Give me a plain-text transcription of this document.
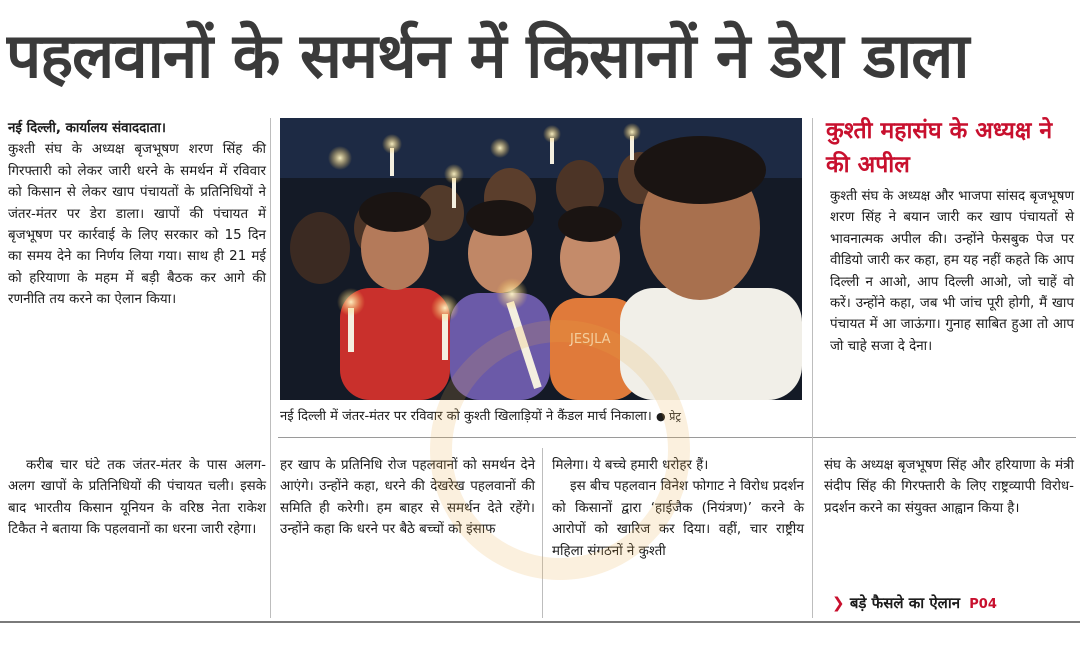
पहलवानों के समर्थन में किसानों ने डेरा डाला

नई दिल्ली, कार्यालय संवाददाता।

कुश्ती संघ के अध्यक्ष बृजभूषण शरण सिंह की गिरफ्तारी को लेकर जारी धरने के समर्थन में रविवार को किसान से लेकर खाप पंचायतों के प्रतिनिधियों ने जंतर-मंतर पर डेरा डाला। खापों की पंचायत में बृजभूषण पर कार्रवाई के लिए सरकार को 15 दिन का समय देने का निर्णय लिया गया। साथ ही 21 मई को हरियाणा के महम में बड़ी बैठक कर आगे की रणनीति तय करने का ऐलान किया।

JESJLA
नई दिल्ली में जंतर-मंतर पर रविवार को कुश्ती खिलाड़ियों ने कैंडल मार्च निकाला। ● प्रेट्र
कुश्ती महासंघ के अध्यक्ष ने की अपील
कुश्ती संघ के अध्यक्ष और भाजपा सांसद बृजभूषण शरण सिंह ने बयान जारी कर खाप पंचायतों से भावनात्मक अपील की। उन्होंने फेसबुक पेज पर वीडियो जारी कर कहा, हम यह नहीं कहते कि आप दिल्ली न आओ, आप दिल्ली आओ, जो चाहें वो करें। उन्होंने कहा, जब भी जांच पूरी होगी, मैं खाप पंचायत में आ जाऊंगा। गुनाह साबित हुआ तो आप जो चाहे सजा दे देना।

करीब चार घंटे तक जंतर-मंतर के पास अलग-अलग खापों के प्रतिनिधियों की पंचायत चली। इसके बाद भारतीय किसान यूनियन के वरिष्ठ नेता राकेश टिकैत ने बताया कि पहलवानों का धरना जारी रहेगा।

हर खाप के प्रतिनिधि रोज पहलवानों को समर्थन देने आएंगे। उन्होंने कहा, धरने की देखरेख पहलवानों की समिति ही करेगी। हम बाहर से समर्थन देते रहेंगे। उन्होंने कहा कि धरने पर बैठे बच्चों को इंसाफ

मिलेगा। ये बच्चे हमारी धरोहर हैं।

इस बीच पहलवान विनेश फोगाट ने विरोध प्रदर्शन को किसानों द्वारा ‘हाईजैक (नियंत्रण)’ करने के आरोपों को खारिज कर दिया। वहीं, चार राष्ट्रीय महिला संगठनों ने कुश्ती

संघ के अध्यक्ष बृजभूषण सिंह और हरियाणा के मंत्री संदीप सिंह की गिरफ्तारी के लिए राष्ट्रव्यापी विरोध-प्रदर्शन करने का संयुक्त आह्वान किया है।
❯ बड़े फैसले का ऐलान P04
